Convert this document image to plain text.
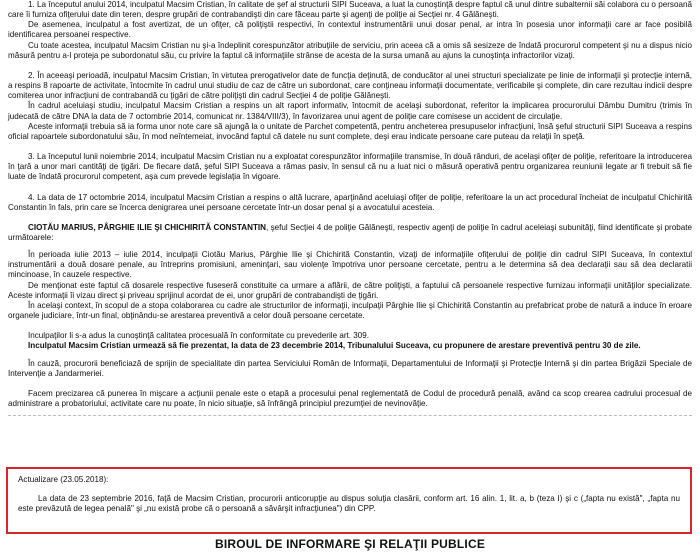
1. La începutul anului 2014, inculpatul Macsim Cristian, în calitate de şef al structurii SIPI Suceava, a luat la cunoştinţă despre faptul că unul dintre subalternii săi colabora cu o persoană care îi furniza ofiţerului date din teren, despre grupări de contrabandişti din care făceau parte şi agenţi de poliţie ai Secţiei nr. 4 Gălăneşti.

De asemenea, inculpatul a fost avertizat, de un ofiţer, că poliţiştii respectivi, în contextul instrumentării unui dosar penal, ar intra în posesia unor informaţii care ar face posibilă identificarea persoanei respective.

Cu toate acestea, inculpatul Macsim Cristian nu şi-a îndeplinit corespunzător atribuţiile de serviciu, prin aceea că a omis să sesizeze de îndată procurorul competent şi nu a dispus nicio măsură pentru a-l proteja pe subordonatul său, cu privire la faptul că informaţiile strânse de acesta de la sursa umană au ajuns la cunoştinţa infractorilor vizaţi.

2. În aceeaşi perioadă, inculpatul Macsim Cristian, în virtutea prerogativelor date de funcţia deţinută, de conducător al unei structuri specializate pe linie de informaţii şi protecţie internă, a respins 8 rapoarte de activitate, întocmite în cadrul unui studiu de caz de către un subordonat, care conţineau informaţii documentate, verificabile şi complete, din care rezultau indicii despre comiterea unor infracţiuni de contrabandă cu ţigări de către poliţişti din cadrul Secţiei 4 de poliţie Gălăneşti.

În cadrul aceluiaşi studiu, inculpatul Macsim Cristian a respins un alt raport informativ, întocmit de acelaşi subordonat, referitor la implicarea procurorului Dâmbu Dumitru (trimis în judecată de către DNA la data de 7 octombrie 2014, comunicat nr. 1384/VIII/3), în favorizarea unui agent de poliţie care comisese un accident de circulaţie.

Aceste informaţii trebuia să ia forma unor note care să ajungă la o unitate de Parchet competentă, pentru ancheterea presupuselor infracţiuni, însă şeful structurii SIPI Suceava a respins oficial rapoartele subordonatului său, în mod neîntemeiat, invocând faptul că datele nu sunt complete, deşi erau indicate persoane care puteau da relaţii în speţă.

3. La începutul lunii noiembrie 2014, inculpatul Macsim Cristian nu a exploatat corespunzător informaţiile transmise, în două rânduri, de acelaşi ofiţer de poliţie, referitoare la introducerea în ţară a unor mari cantităţi de ţigări. De fiecare dată, şeful SIPI Suceava a rămas pasiv, în sensul că nu a luat nici o măsură operativă pentru organizarea reuniunii legate ar fi trebuit să fie luate de îndată procurorul competent, aşa cum prevede legislaţia în vigoare.

4. La data de 17 octombrie 2014, inculpatul Macsim Cristian a respins o altă lucrare, aparţinând aceluiaşi ofiţer de poliţie, referitoare la un act procedural încheiat de inculpatul Chichirită Constantin în fals, prin care se încerca denigrarea unei persoane cercetate într-un dosar penal şi a avocatului acesteia.

CIOTĂU MARIUS, PÂRGHIE ILIE ŞI CHICHIRITĂ CONSTANTIN, şeful Secţiei 4 de poliţie Gălăneşti, respectiv agenţi de poliţie în cadrul aceleiaşi subunităţi, fiind identificate şi probate următoarele:

În perioada iulie 2013 – iulie 2014, inculpaţii Ciotău Marius, Pârghie Ilie şi Chichirită Constantin, vizaţi de informaţiile ofiţerului de poliţie din cadrul SIPI Suceava, în contextul instrumentării a două dosare penale, au întreprins promisiuni, ameninţari, sau violenţe împotriva unor persoane cercetate, pentru a le determina să dea declaraţii sau să dea declaratii mincinoase, în cauzele respective.

De menţionat este faptul că dosarele respective fuseseră constituite ca urmare a aflării, de către poliţişti, a faptului că persoanele respective furnizau informaţii unităţilor specializate. Aceste informaţii îi vizau direct şi priveau sprijinul acordat de ei, unor grupări de contrabandişti de ţigări.

În acelaşi context, în scopul de a stopa colaborarea cu cadre ale structurilor de informaţii, inculpaţii Pârghie Ilie şi Chichirită Constantin au prefabricat probe de natură a induce în eroare organele judiciare, într-un final, obţinându-se arestarea preventivă a celor două persoane cercetate.

Inculpaţilor li s-a adus la cunoştinţă calitatea procesuală în conformitate cu prevederile art. 309.

Inculpatul Macsim Cristian urmează să fie prezentat, la data de 23 decembrie 2014, Tribunalului Suceava, cu propunere de arestare preventivă pentru 30 de zile.

În cauză, procurorii beneficiază de sprijin de specialitate din partea Serviciului Român de Informaţii, Departamentului de Informaţii şi Protecţie Internă şi din partea Brigăzii Speciale de Intervenţie a Jandarmeriei.

Facem precizarea că punerea în mişcare a acţiunii penale este o etapă a procesului penal reglementată de Codul de procedură penală, având ca scop crearea cadrului procesual de administrare a probatoriului, activitate care nu poate, în nicio situaţie, să înfrângă principiul prezumţiei de nevinovăţie.

Actualizare (23.05.2018):

La data de 23 septembrie 2016, faţă de Macsim Cristian, procurorii anticorupţie au dispus soluţia clasării, conform art. 16 alin. 1, lit. a, b (teza I) şi c („fapta nu există", „fapta nu este prevăzută de legea penală" şi „nu există probe că o persoană a săvârşit infracţiunea") din CPP.

BIROUL DE INFORMARE ŞI RELAŢII PUBLICE
